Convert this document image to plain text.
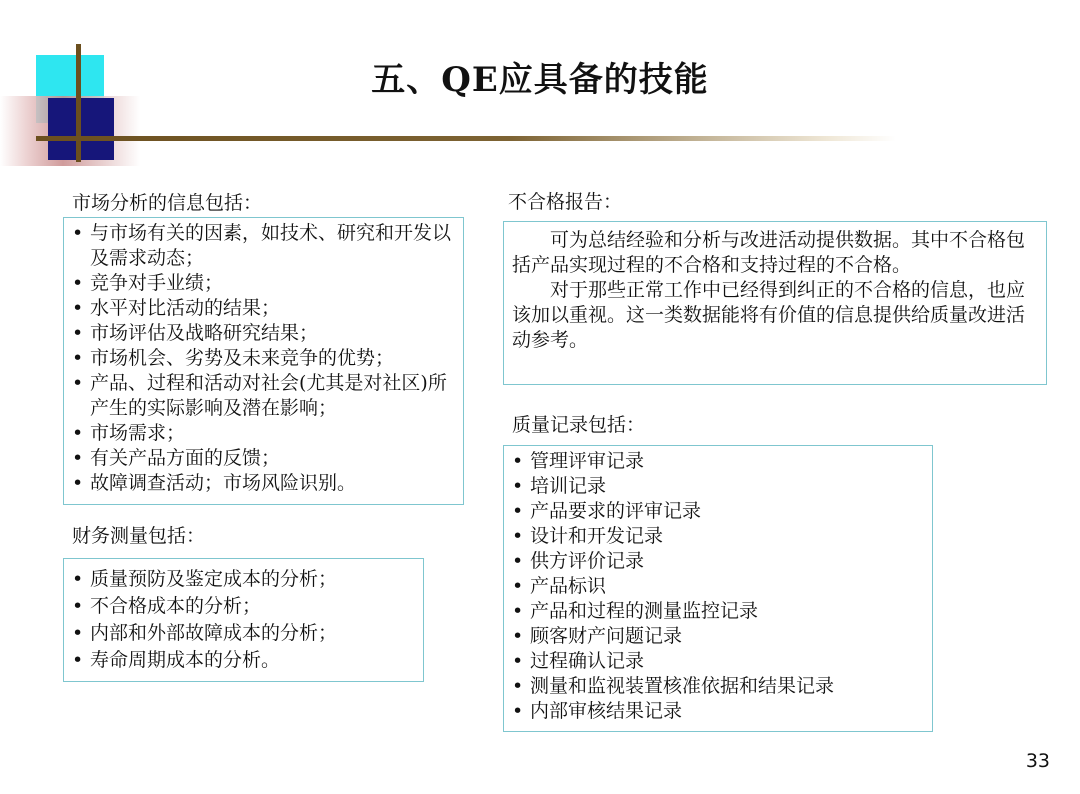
五、QE应具备的技能
市场分析的信息包括：
• 与市场有关的因素，如技术、研究和开发以及需求动态；
• 竞争对手业绩；
• 水平对比活动的结果；
• 市场评估及战略研究结果；
• 市场机会、劣势及未来竞争的优势；
• 产品、过程和活动对社会(尤其是对社区)所产生的实际影响及潜在影响；
• 市场需求；
• 有关产品方面的反馈；
• 故障调查活动；市场风险识别。
财务测量包括：
• 质量预防及鉴定成本的分析；
• 不合格成本的分析；
• 内部和外部故障成本的分析；
• 寿命周期成本的分析。
不合格报告：

可为总结经验和分析与改进活动提供数据。其中不合格包括产品实现过程的不合格和支持过程的不合格。

对于那些正常工作中已经得到纠正的不合格的信息，也应该加以重视。这一类数据能将有价值的信息提供给质量改进活动参考。

质量记录包括：
• 管理评审记录
• 培训记录
• 产品要求的评审记录
• 设计和开发记录
• 供方评价记录
• 产品标识
• 产品和过程的测量监控记录
• 顾客财产问题记录
• 过程确认记录
• 测量和监视装置核准依据和结果记录
• 内部审核结果记录
33
